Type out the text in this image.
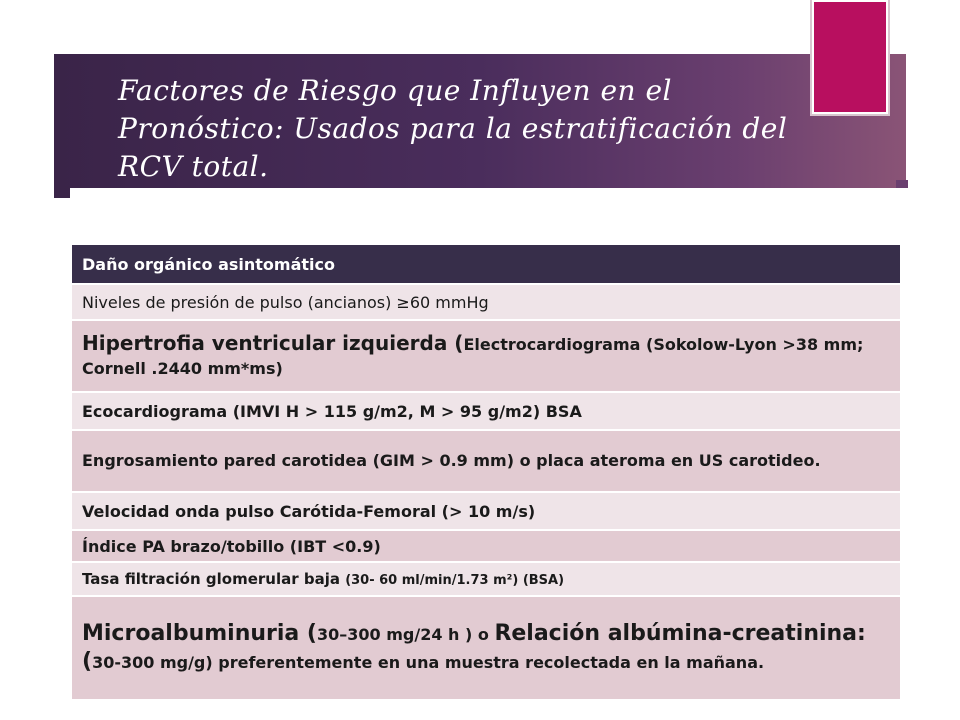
Factores de Riesgo que Influyen en el
Pronóstico: Usados para la estratificación del
RCV total.
Daño orgánico asintomático
Niveles de presión de pulso (ancianos) ≥60 mmHg
Hipertrofia ventricular izquierda (Electrocardiograma (Sokolow-Lyon >38 mm; Cornell .2440 mm*ms)
Ecocardiograma (IMVI H > 115 g/m2, M > 95 g/m2) BSA
Engrosamiento pared carotidea (GIM > 0.9 mm) o placa ateroma en US carotideo.
Velocidad onda pulso Carótida-Femoral (> 10 m/s)
Índice PA brazo/tobillo (IBT <0.9)
Tasa filtración glomerular baja (30- 60 ml/min/1.73 m²) (BSA)
Microalbuminuria (30–300 mg/24 h ) o Relación albúmina-creatinina: (30-300 mg/g) preferentemente en una muestra recolectada en la mañana.
